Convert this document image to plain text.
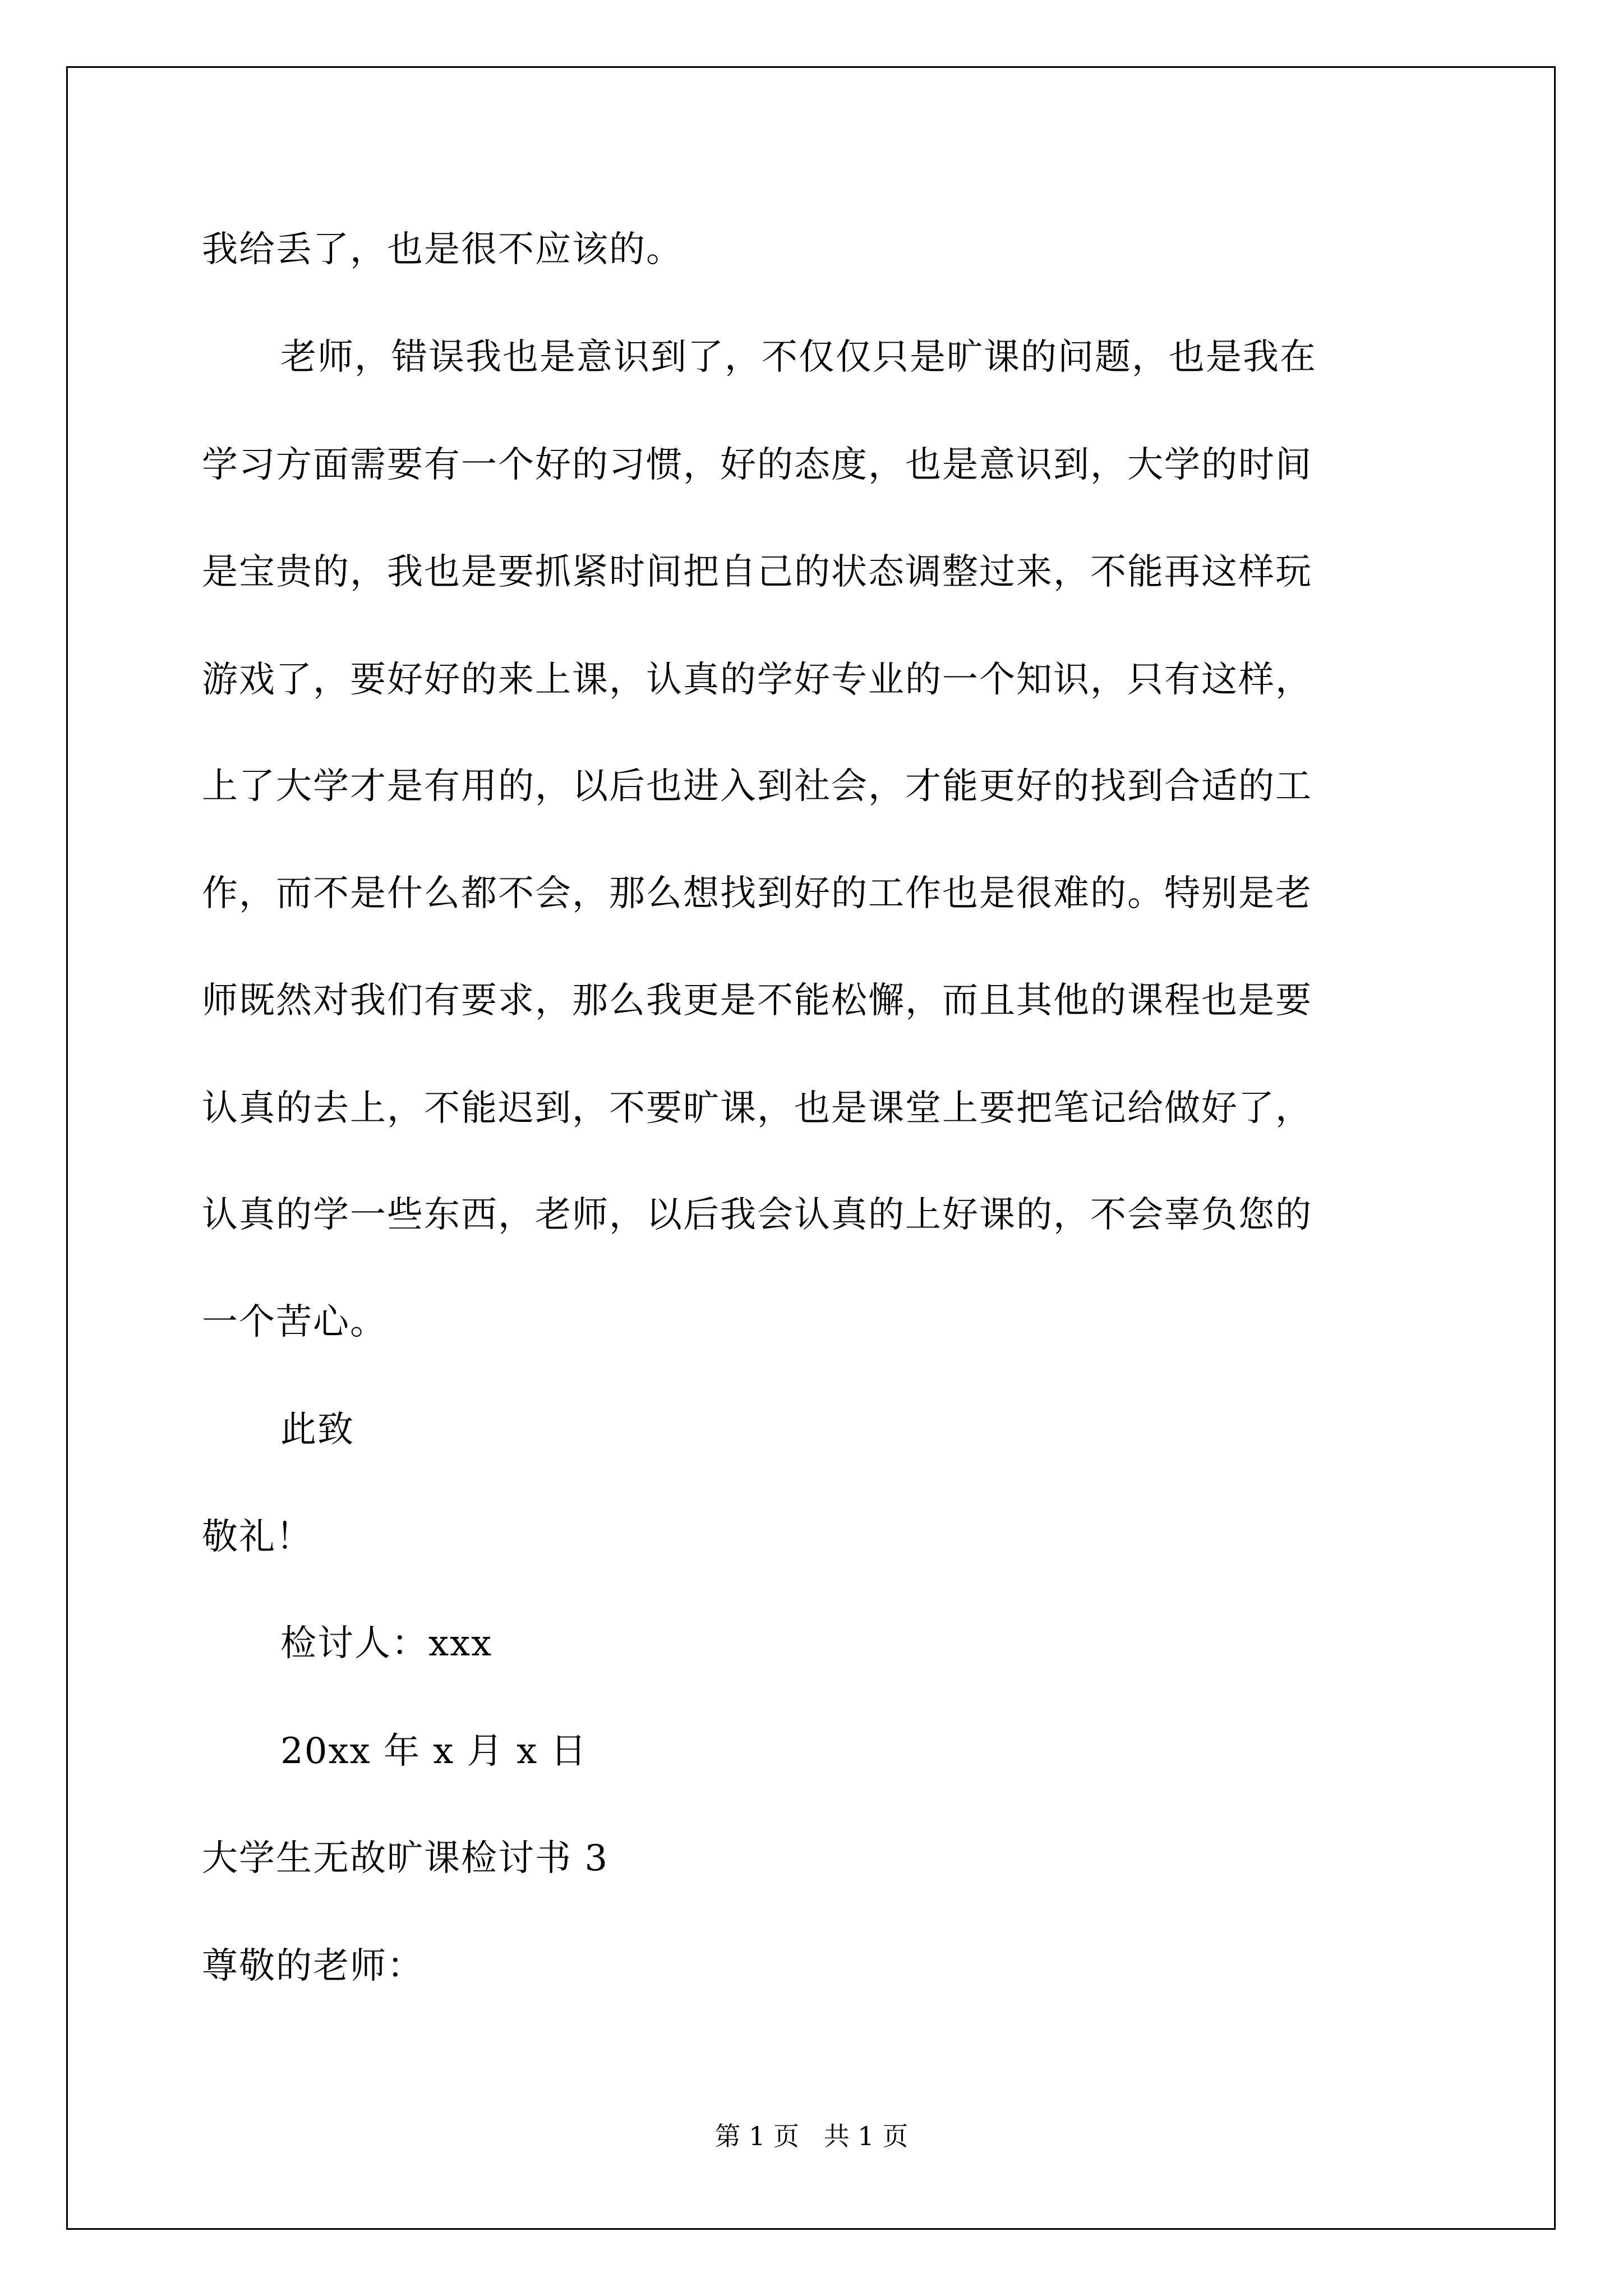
我给丢了，也是很不应该的。
老师，错误我也是意识到了，不仅仅只是旷课的问题，也是我在
学习方面需要有一个好的习惯，好的态度，也是意识到，大学的时间
是宝贵的，我也是要抓紧时间把自己的状态调整过来，不能再这样玩
游戏了，要好好的来上课，认真的学好专业的一个知识，只有这样，
上了大学才是有用的，以后也进入到社会，才能更好的找到合适的工
作，而不是什么都不会，那么想找到好的工作也是很难的。特别是老
师既然对我们有要求，那么我更是不能松懈，而且其他的课程也是要
认真的去上，不能迟到，不要旷课，也是课堂上要把笔记给做好了，
认真的学一些东西，老师，以后我会认真的上好课的，不会辜负您的
一个苦心。
此致
敬礼！
检讨人：xxx
20xx 年 x 月 x 日
大学生无故旷课检讨书 3
尊敬的老师：
第 1 页   共 1 页
